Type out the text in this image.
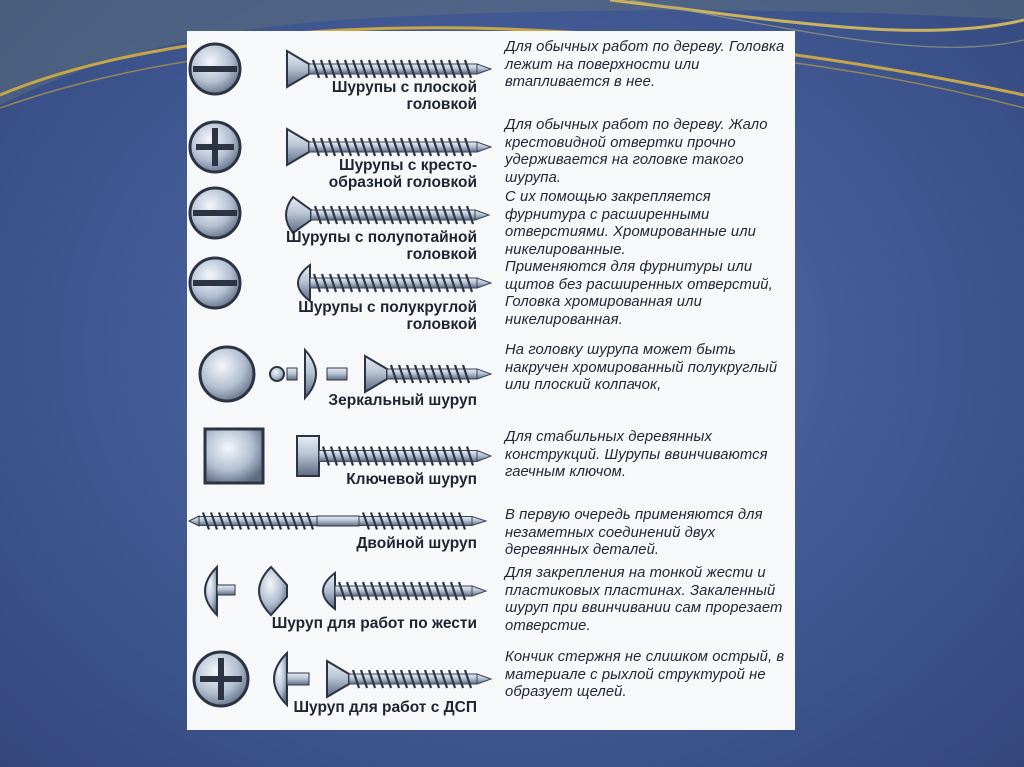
Шурупы с плоской
головкой
Для обычных работ по дереву. Головка лежит на поверхности или втапливается в нее.
Шурупы с кресто-
образной головкой
Для обычных работ по дереву. Жало крестовидной отвертки прочно удерживается на головке такого шурупа.
Шурупы с полупотайной
головкой
С их помощью закрепляется фурнитура с расширенными отверстиями. Хромированные или никелированные.
Шурупы с полукруглой
головкой
Применяются для фурнитуры или щитов без расширенных отверстий, Головка хромированная или никелированная.
Зеркальный шуруп
На головку шурупа может быть накручен хромированный полукруглый или плоский колпачок,
Ключевой шуруп
Для стабильных деревянных конструкций. Шурупы ввинчиваются гаечным ключом.
Двойной шуруп
В первую очередь применяются для незаметных соединений двух деревянных деталей.
Шуруп для работ по жести
Для закрепления на тонкой жести и пластиковых пластинах. Закаленный шуруп при ввинчивании сам прорезает отверстие.
Шуруп для работ с ДСП
Кончик стержня не слишком острый, в материале с рыхлой структурой не образует щелей.
